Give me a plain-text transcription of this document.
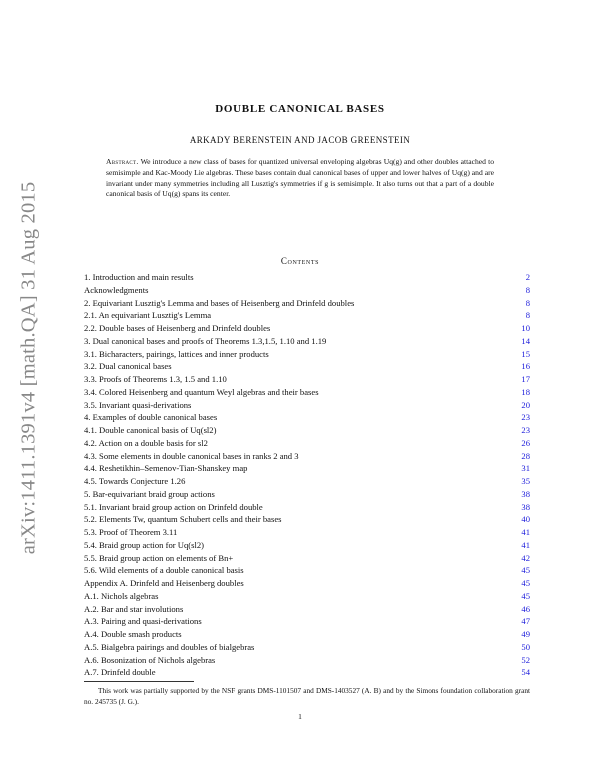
arXiv:1411.1391v4 [math.QA] 31 Aug 2015
DOUBLE CANONICAL BASES
ARKADY BERENSTEIN AND JACOB GREENSTEIN
Abstract. We introduce a new class of bases for quantized universal enveloping algebras Uq(g) and other doubles attached to semisimple and Kac-Moody Lie algebras. These bases contain dual canonical bases of upper and lower halves of Uq(g) and are invariant under many symmetries including all Lusztig's symmetries if g is semisimple. It also turns out that a part of a double canonical basis of Uq(g) spans its center.
Contents
1. Introduction and main results	2
Acknowledgments	8
2. Equivariant Lusztig's Lemma and bases of Heisenberg and Drinfeld doubles	8
2.1. An equivariant Lusztig's Lemma	8
2.2. Double bases of Heisenberg and Drinfeld doubles	10
3. Dual canonical bases and proofs of Theorems 1.3,1.5, 1.10 and 1.19	14
3.1. Bicharacters, pairings, lattices and inner products	15
3.2. Dual canonical bases	16
3.3. Proofs of Theorems 1.3, 1.5 and 1.10	17
3.4. Colored Heisenberg and quantum Weyl algebras and their bases	18
3.5. Invariant quasi-derivations	20
4. Examples of double canonical bases	23
4.1. Double canonical basis of Uq(sl2)	23
4.2. Action on a double basis for sl2	26
4.3. Some elements in double canonical bases in ranks 2 and 3	28
4.4. Reshetikhin–Semenov-Tian-Shanskey map	31
4.5. Towards Conjecture 1.26	35
5. Bar-equivariant braid group actions	38
5.1. Invariant braid group action on Drinfeld double	38
5.2. Elements Tw, quantum Schubert cells and their bases	40
5.3. Proof of Theorem 3.11	41
5.4. Braid group action for Uq(sl2)	41
5.5. Braid group action on elements of Bn+	42
5.6. Wild elements of a double canonical basis	45
Appendix A. Drinfeld and Heisenberg doubles	45
A.1. Nichols algebras	45
A.2. Bar and star involutions	46
A.3. Pairing and quasi-derivations	47
A.4. Double smash products	49
A.5. Bialgebra pairings and doubles of bialgebras	50
A.6. Bosonization of Nichols algebras	52
A.7. Drinfeld double	54
This work was partially supported by the NSF grants DMS-1101507 and DMS-1403527 (A. B) and by the Simons foundation collaboration grant no. 245735 (J. G.).
1
